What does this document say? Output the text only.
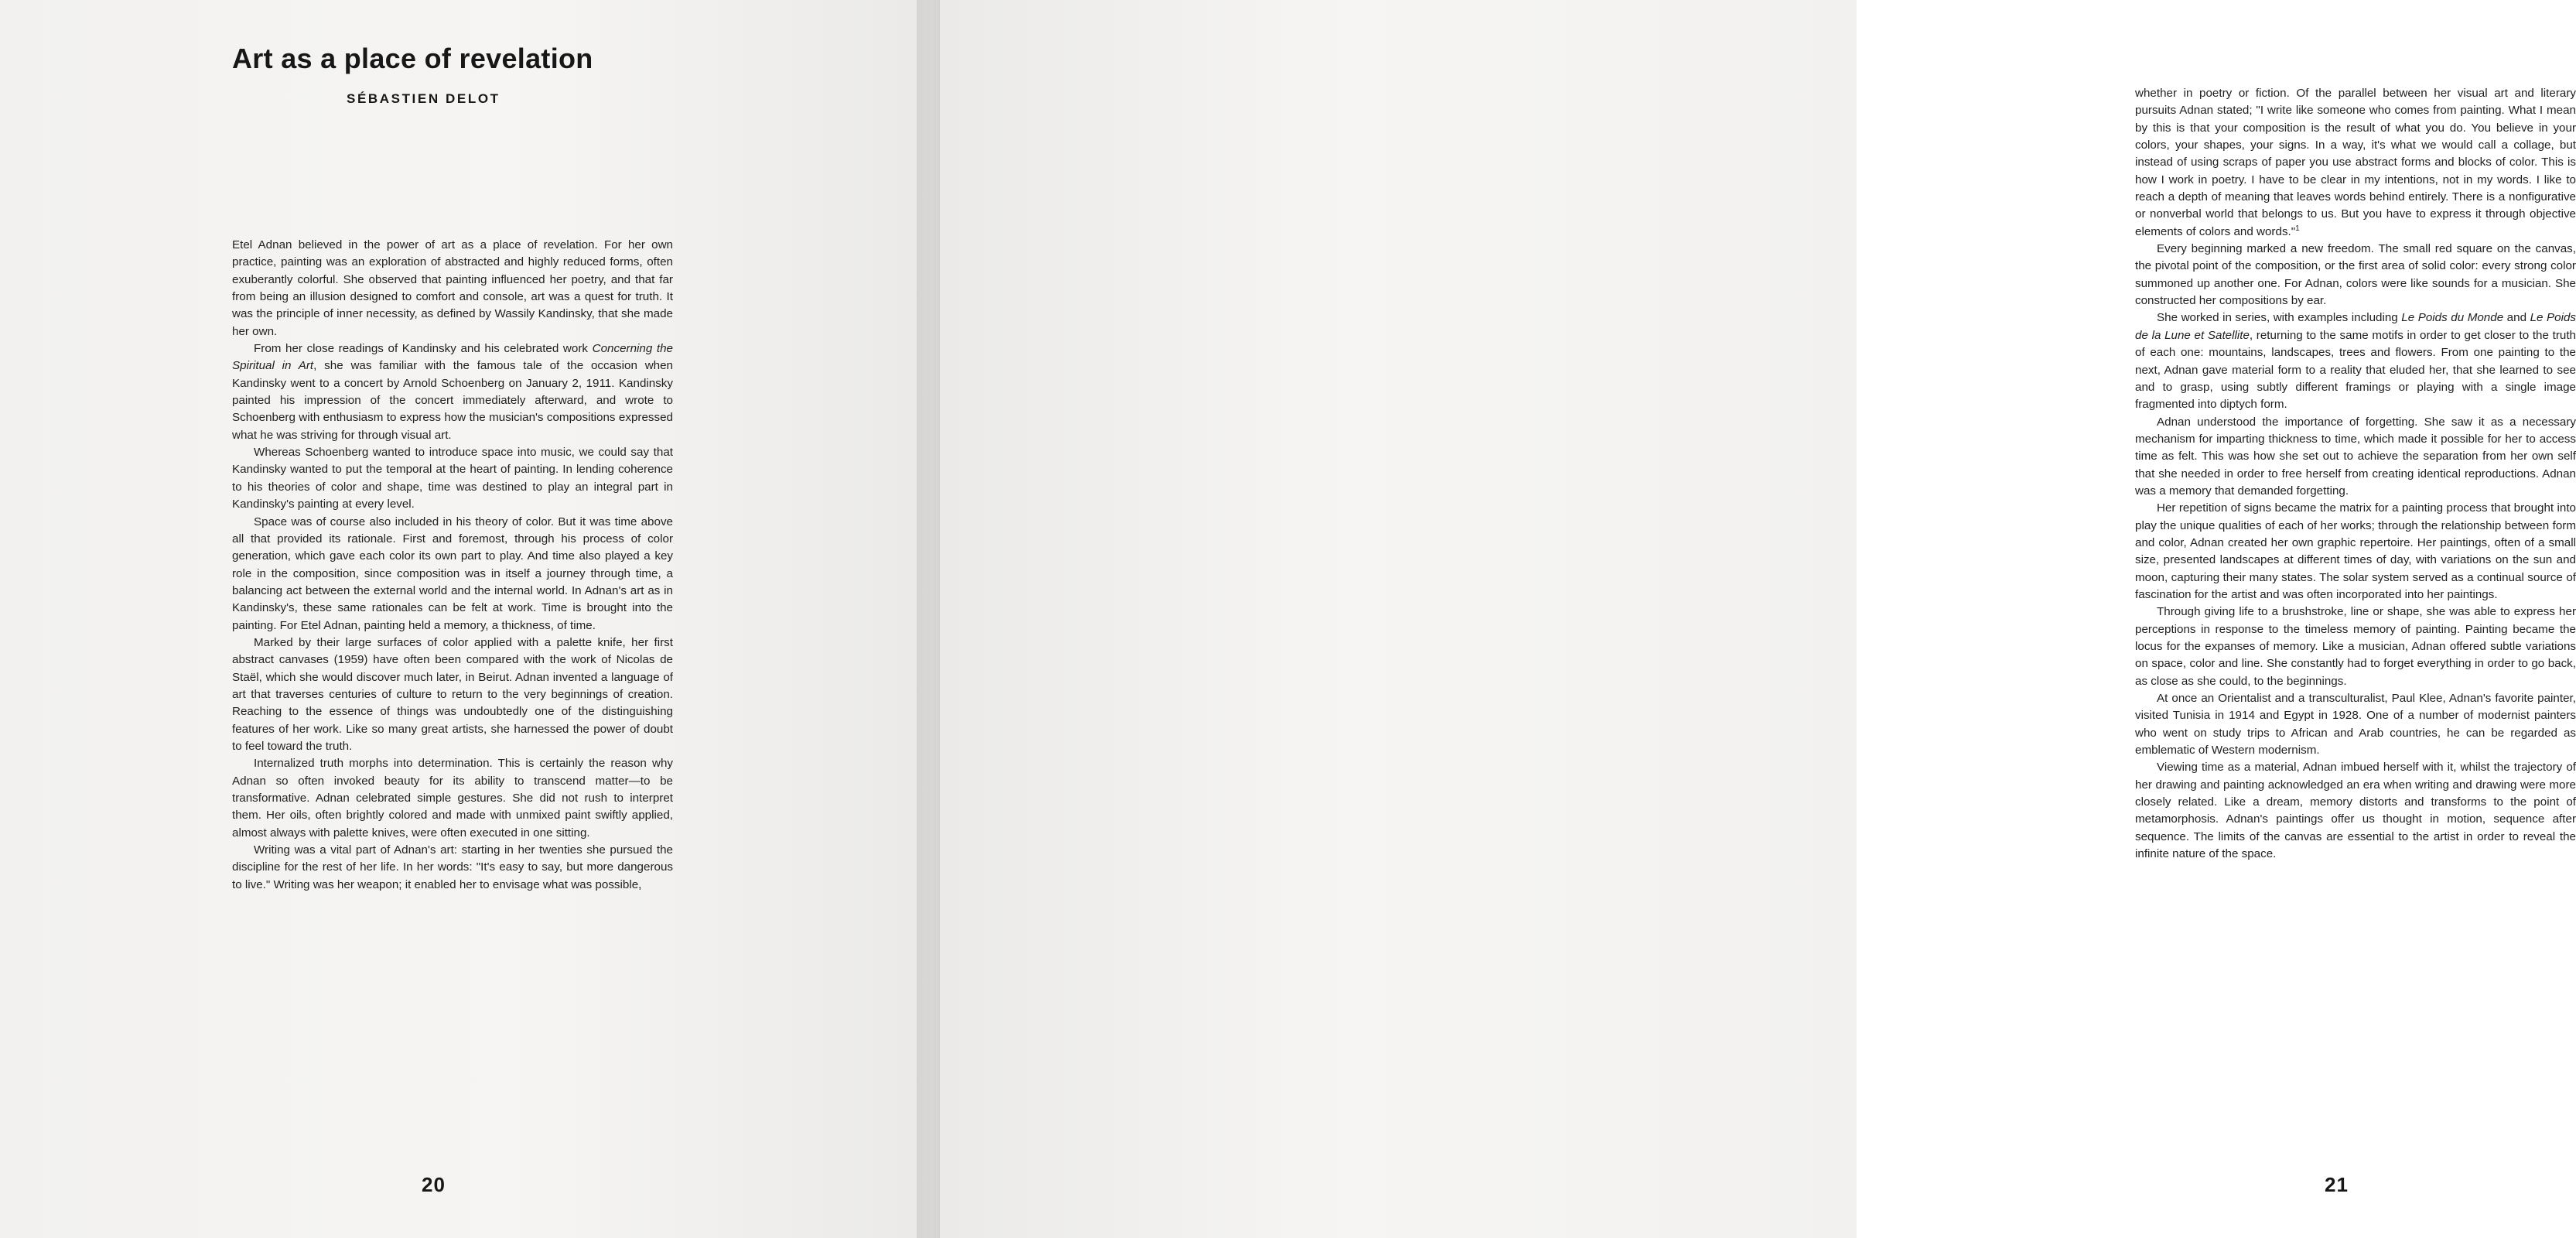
Art as a place of revelation
SÉBASTIEN DELOT

Etel Adnan believed in the power of art as a place of revelation. For her own practice, painting was an exploration of abstracted and highly reduced forms, often exuberantly colorful. She observed that painting influenced her poetry, and that far from being an illusion designed to comfort and console, art was a quest for truth. It was the principle of inner necessity, as defined by Wassily Kandinsky, that she made her own.

From her close readings of Kandinsky and his celebrated work Concerning the Spiritual in Art, she was familiar with the famous tale of the occasion when Kandinsky went to a concert by Arnold Schoenberg on January 2, 1911. Kandinsky painted his impression of the concert immediately afterward, and wrote to Schoenberg with enthusiasm to express how the musician's compositions expressed what he was striving for through visual art.

Whereas Schoenberg wanted to introduce space into music, we could say that Kandinsky wanted to put the temporal at the heart of painting. In lending coherence to his theories of color and shape, time was destined to play an integral part in Kandinsky's painting at every level.

Space was of course also included in his theory of color. But it was time above all that provided its rationale. First and foremost, through his process of color generation, which gave each color its own part to play. And time also played a key role in the composition, since composition was in itself a journey through time, a balancing act between the external world and the internal world. In Adnan's art as in Kandinsky's, these same rationales can be felt at work. Time is brought into the painting. For Etel Adnan, painting held a memory, a thickness, of time.

Marked by their large surfaces of color applied with a palette knife, her first abstract canvases (1959) have often been compared with the work of Nicolas de Staël, which she would discover much later, in Beirut. Adnan invented a language of art that traverses centuries of culture to return to the very beginnings of creation. Reaching to the essence of things was undoubtedly one of the distinguishing features of her work. Like so many great artists, she harnessed the power of doubt to feel toward the truth.

Internalized truth morphs into determination. This is certainly the reason why Adnan so often invoked beauty for its ability to transcend matter—to be transformative. Adnan celebrated simple gestures. She did not rush to interpret them. Her oils, often brightly colored and made with unmixed paint swiftly applied, almost always with palette knives, were often executed in one sitting.

Writing was a vital part of Adnan's art: starting in her twenties she pursued the discipline for the rest of her life. In her words: "It's easy to say, but more dangerous to live." Writing was her weapon; it enabled her to envisage what was possible,

20

whether in poetry or fiction. Of the parallel between her visual art and literary pursuits Adnan stated; "I write like someone who comes from painting. What I mean by this is that your composition is the result of what you do. You believe in your colors, your shapes, your signs. In a way, it's what we would call a collage, but instead of using scraps of paper you use abstract forms and blocks of color. This is how I work in poetry. I have to be clear in my intentions, not in my words. I like to reach a depth of meaning that leaves words behind entirely. There is a nonfigurative or nonverbal world that belongs to us. But you have to express it through objective elements of colors and words."$^1$

Every beginning marked a new freedom. The small red square on the canvas, the pivotal point of the composition, or the first area of solid color: every strong color summoned up another one. For Adnan, colors were like sounds for a musician. She constructed her compositions by ear.

She worked in series, with examples including Le Poids du Monde and Le Poids de la Lune et Satellite, returning to the same motifs in order to get closer to the truth of each one: mountains, landscapes, trees and flowers. From one painting to the next, Adnan gave material form to a reality that eluded her, that she learned to see and to grasp, using subtly different framings or playing with a single image fragmented into diptych form.

Adnan understood the importance of forgetting. She saw it as a necessary mechanism for imparting thickness to time, which made it possible for her to access time as felt. This was how she set out to achieve the separation from her own self that she needed in order to free herself from creating identical reproductions. Adnan was a memory that demanded forgetting.

Her repetition of signs became the matrix for a painting process that brought into play the unique qualities of each of her works; through the relationship between form and color, Adnan created her own graphic repertoire. Her paintings, often of a small size, presented landscapes at different times of day, with variations on the sun and moon, capturing their many states. The solar system served as a continual source of fascination for the artist and was often incorporated into her paintings.

Through giving life to a brushstroke, line or shape, she was able to express her perceptions in response to the timeless memory of painting. Painting became the locus for the expanses of memory. Like a musician, Adnan offered subtle variations on space, color and line. She constantly had to forget everything in order to go back, as close as she could, to the beginnings.

At once an Orientalist and a transculturalist, Paul Klee, Adnan's favorite painter, visited Tunisia in 1914 and Egypt in 1928. One of a number of modernist painters who went on study trips to African and Arab countries, he can be regarded as emblematic of Western modernism.

Viewing time as a material, Adnan imbued herself with it, whilst the trajectory of her drawing and painting acknowledged an era when writing and drawing were more closely related. Like a dream, memory distorts and transforms to the point of metamorphosis. Adnan's paintings offer us thought in motion, sequence after sequence. The limits of the canvas are essential to the artist in order to reveal the infinite nature of the space.

21
